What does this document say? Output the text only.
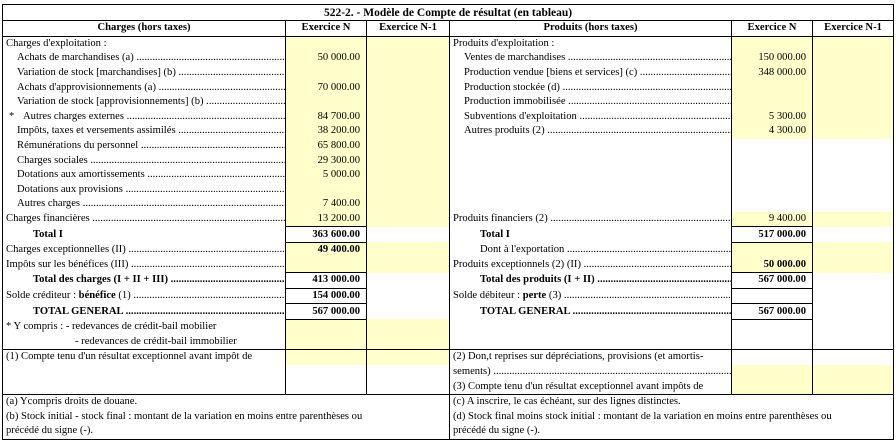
522-2. - Modèle de Compte de résultat (en tableau)					
Charges (hors taxes)	Exercice N	Exercice N-1	Produits (hors taxes)	Exercice N	Exercice N-1
Charges d'exploitation :			Produits d'exploitation :		
Achats de marchandises (a) .....	50 000.00		Ventes de marchandises .....	150 000.00	
Variation de stock [marchandises] (b) .....			Production vendue [biens et services] (c) .....	348 000.00	
Achats d'approvisionnements (a) .....	70 000.00		Production stockée (d) .....		
Variation de stock [approvisionnements] (b) .....			Production immobilisée .....		
* Autres charges externes .....	84 700.00		Subventions d'exploitation .....	5 300.00	
Impôts, taxes et versements assimilés .....	38 200.00		Autres produits (2) .....	4 300.00	
Rémunérations du personnel .....	65 800.00				
Charges sociales .....	29 300.00				
Dotations aux amortissements .....	5 000.00				
Dotations aux provisions .....					
Autres charges .....	7 400.00				
Charges financières .....	13 200.00		Produits financiers (2) .....	9 400.00	
Total I	363 600.00		Total I	517 000.00	
Charges exceptionnelles (II) .....	49 400.00		Dont à l'exportation .....		
Impôts sur les bénéfices (III) .....			Produits exceptionnels (2) (II) .....	50 000.00	
Total des charges (I + II + III) .....	413 000.00		Total des produits (I + II) .....	567 000.00	
Solde créditeur : bénéfice (1) .....	154 000.00		Solde débiteur : perte (3) .....		
TOTAL GENERAL .....	567 000.00		TOTAL GENERAL .....	567 000.00	
* Y compris : - redevances de crédit-bail mobilier					
- redevances de crédit-bail immobilier					
(1) Compte tenu d'un résultat exceptionnel avant impôt de			(2) Don,t reprises sur dépréciations, provisions (et amortis-		
			sements) .....		
			(3) Compte tenu d'un résultat exceptionnel avant impôts de		
(a) Ycompris droits de douane.			(c) A inscrire, le cas échéant, sur des lignes distinctes.		
(b) Stock initial - stock final : montant de la variation en moins entre parenthèses ou			(d) Stock final moins stock initial : montant de la variation en moins entre parenthèses ou		
précédé du signe (-).			précédé du signe (-).		
